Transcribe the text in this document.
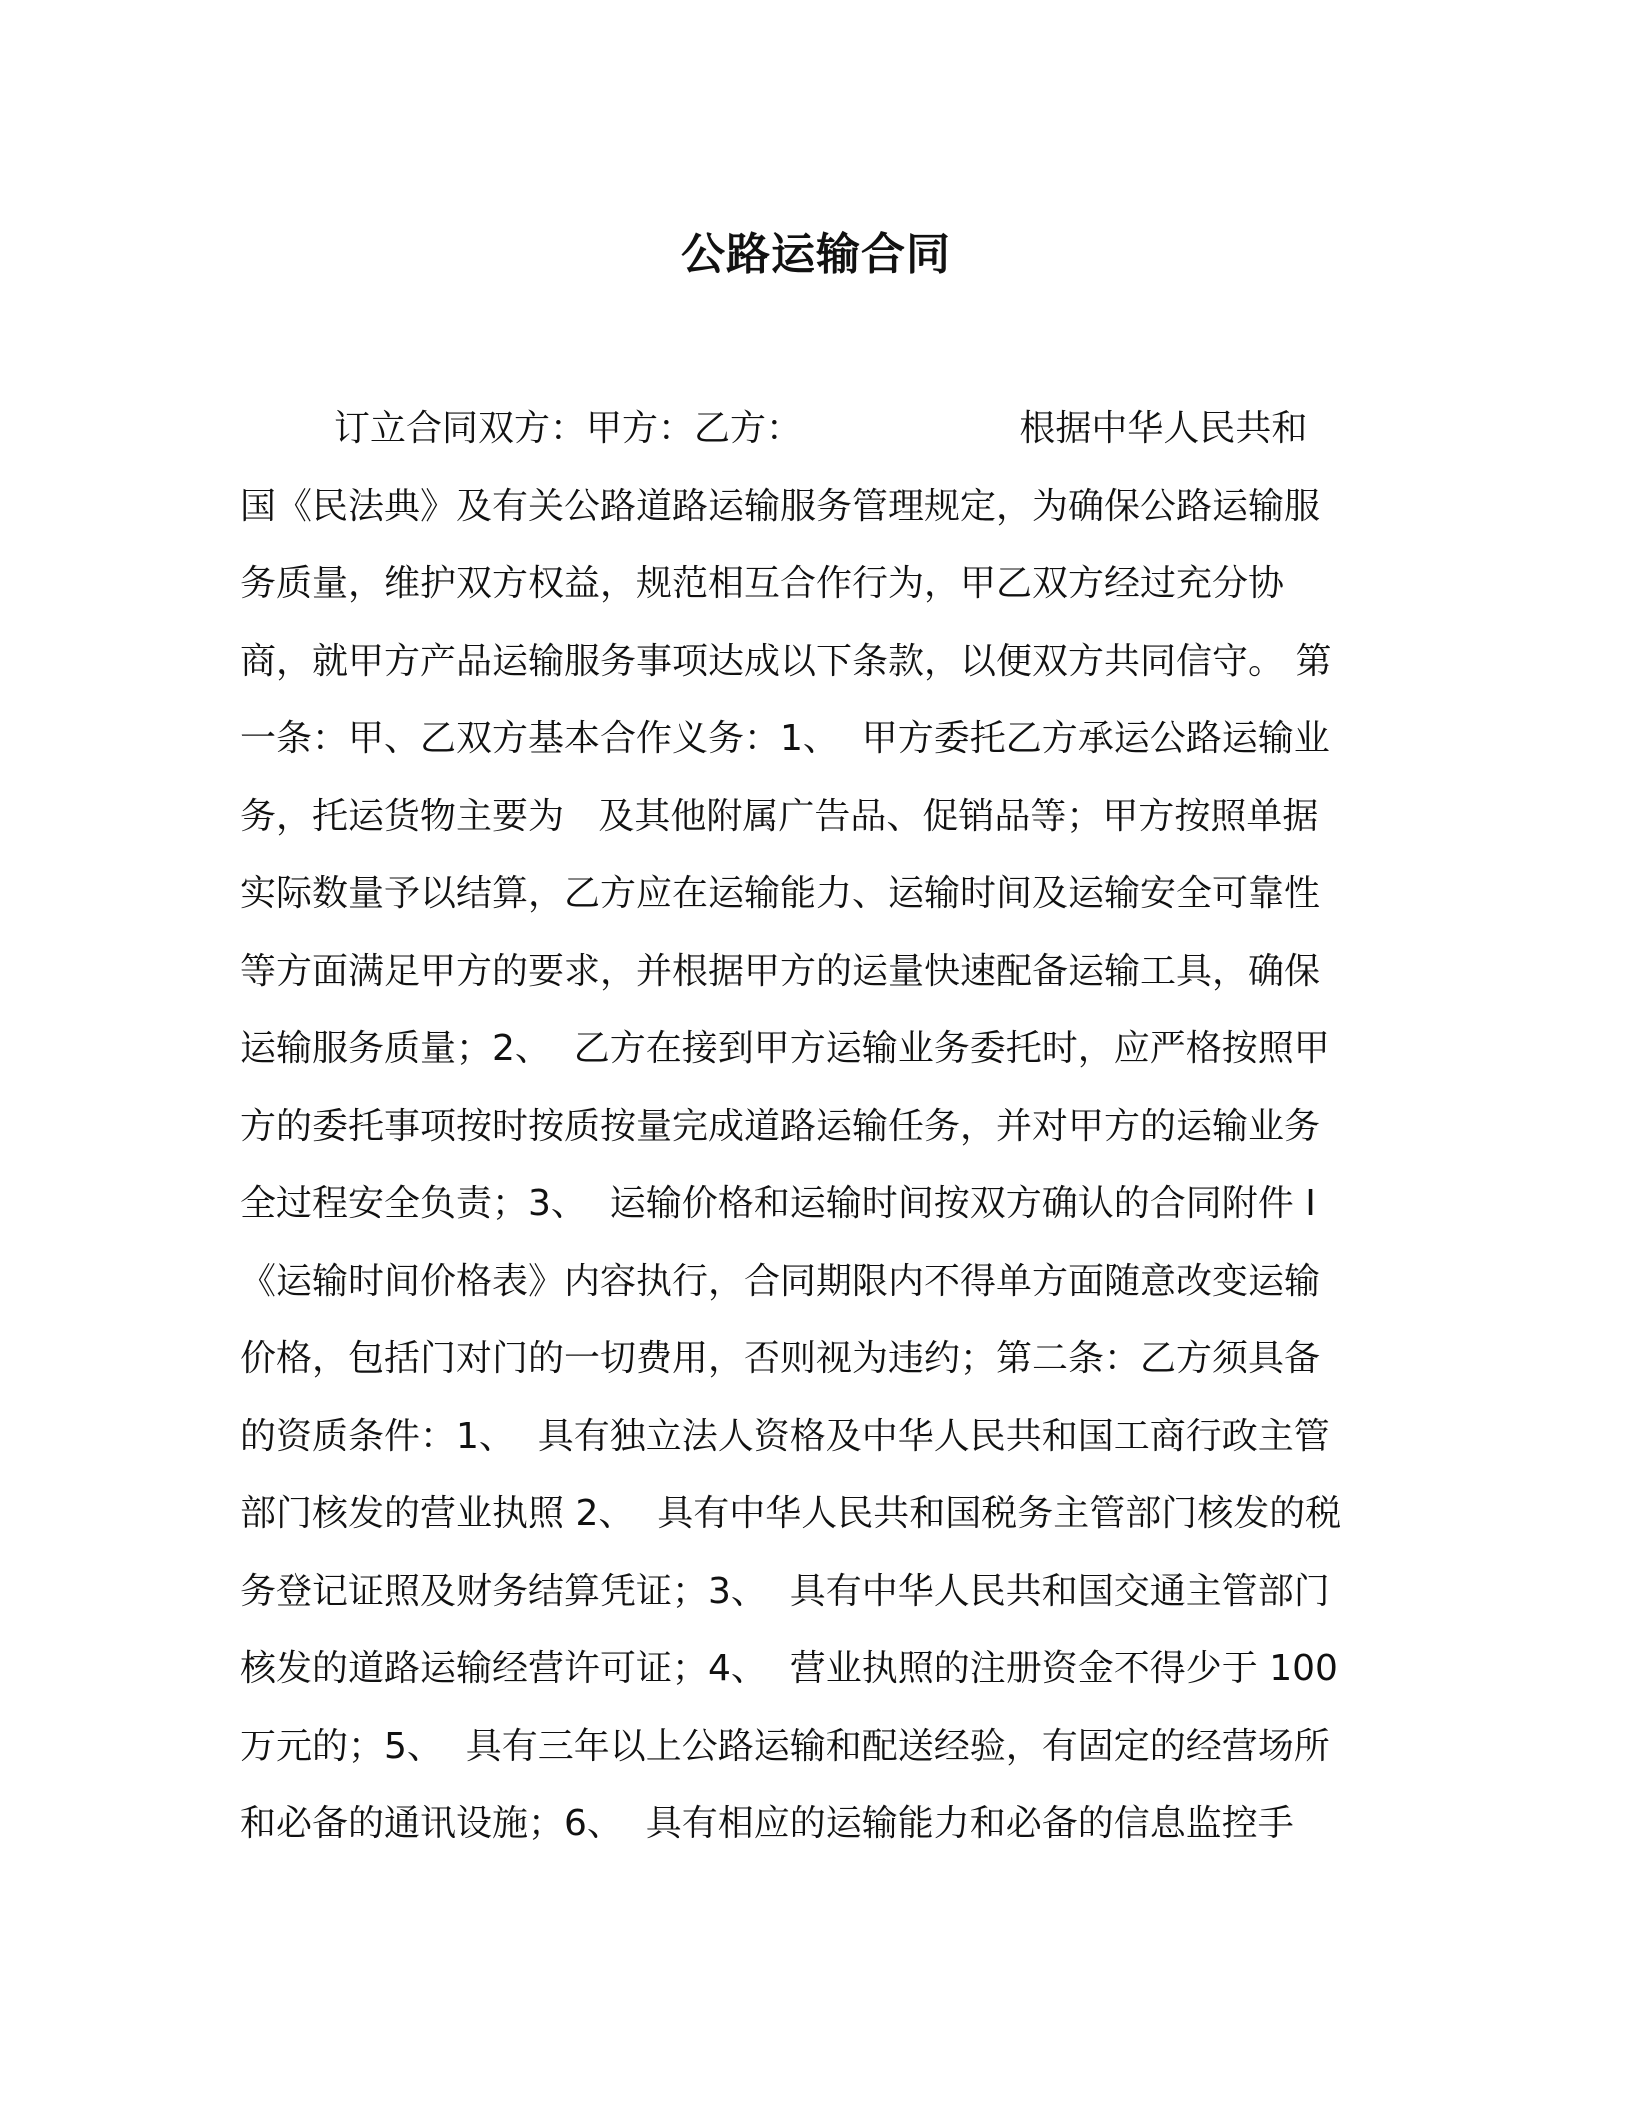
公路运输合同
订立合同双方：甲方：乙方：                   根据中华人民共和
国《民法典》及有关公路道路运输服务管理规定，为确保公路运输服
务质量，维护双方权益，规范相互合作行为，甲乙双方经过充分协
商，就甲方产品运输服务事项达成以下条款，以便双方共同信守。 第
一条：甲、乙双方基本合作义务：1、  甲方委托乙方承运公路运输业
务，托运货物主要为   及其他附属广告品、促销品等；甲方按照单据
实际数量予以结算，乙方应在运输能力、运输时间及运输安全可靠性
等方面满足甲方的要求，并根据甲方的运量快速配备运输工具，确保
运输服务质量；2、  乙方在接到甲方运输业务委托时，应严格按照甲
方的委托事项按时按质按量完成道路运输任务，并对甲方的运输业务
全过程安全负责；3、  运输价格和运输时间按双方确认的合同附件 I
《运输时间价格表》内容执行，合同期限内不得单方面随意改变运输
价格，包括门对门的一切费用，否则视为违约；第二条：乙方须具备
的资质条件：1、  具有独立法人资格及中华人民共和国工商行政主管
部门核发的营业执照 2、  具有中华人民共和国税务主管部门核发的税
务登记证照及财务结算凭证；3、  具有中华人民共和国交通主管部门
核发的道路运输经营许可证；4、  营业执照的注册资金不得少于 100
万元的；5、  具有三年以上公路运输和配送经验，有固定的经营场所
和必备的通讯设施；6、  具有相应的运输能力和必备的信息监控手
